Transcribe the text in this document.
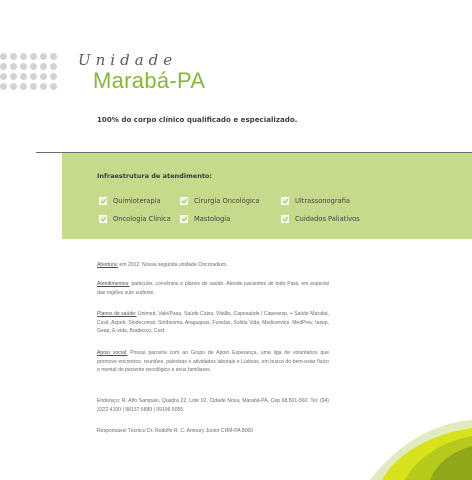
Unidade
Marabá-PA
100% do corpo clínico qualificado e especializado.
Infraestrutura de atendimento:
Quimioterapia	Cirurgia Oncológica	Ultrassonografia
Oncologia Clínica	Mastologia	Cuidados Paliativos
Abertura: em 2012. Nossa segunda unidade Oncoradium.
Atendimentos: particular, convênios e planos de saúde. Atende pacientes de todo Pará, em especial das regiões sule sudeste.
Planos de saúde: Unimed, Vale/Pasa, Saúde Caixa, Vitallis, Capesaúde / Capesesp, + Saúde Marabá, Cssit, Aspeb, Sindecomar, Sinthesma, Araguapax, Funelax, Solida Vida, Mediservice, MedPrev, Iasep, Geap, E-vida, Bradesco, Cssf.
Apoio social: Possui parceria com ao Grupo de Apoio Esperança, uma liga de voluntários que promove encontros, reuniões, palestras e atividades laborais e Lúdicas, em busca do bem-estar físico e mental do paciente oncológico e seus familiares.
Endereço: R. Alfo Sampaio, Quadra 22, Lote 02, Cidade Nova, Marabá-PA, Cep 68.501-560. Tel: (94) 3322 4100 | 98137 5889 | 99196 5055
Responsável Técnico Dr. Rodolfo R. C. Amoury Junior CRM-PA 8060
